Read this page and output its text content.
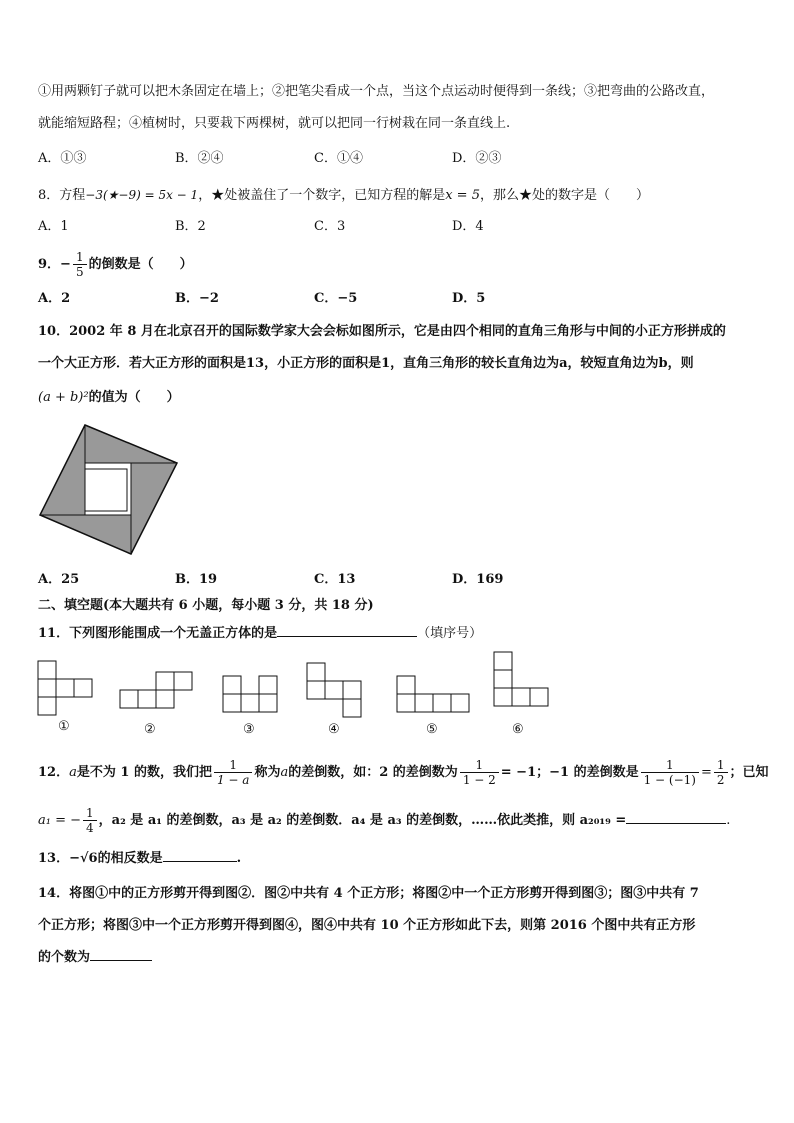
①用两颗钉子就可以把木条固定在墙上；②把笔尖看成一个点，当这个点运动时便得到一条线；③把弯曲的公路改直，
就能缩短路程；④植树时，只要栽下两棵树，就可以把同一行树栽在同一条直线上.
A．①③	B．②④	C．①④	D．②③
8．方程−3(★−9) = 5x − 1，★处被盖住了一个数字，已知方程的解是x = 5，那么★处的数字是（　　）
A．1	B．2	C．3	D．4
9．− $\frac{1}{5}$ 的倒数是（　　）
A．2	B．−2	C．−5	D．5
10．2002 年 8 月在北京召开的国际数学家大会会标如图所示，它是由四个相同的直角三角形与中间的小正方形拼成的
一个大正方形．若大正方形的面积是13，小正方形的面积是1，直角三角形的较长直角边为a，较短直角边为b，则
(a + b)²的值为（　　）
A．25	B．19	C．13	D．169
二、填空题(本大题共有 6 小题，每小题 3 分，共 18 分)
11．下列图形能围成一个无盖正方体的是	（填序号）
①	②	③	④	⑤	⑥
12．a是不为 1 的数，我们把 $\frac{1}{1 - a}$ 称为a的差倒数，如：2 的差倒数为 $\frac{1}{1 - 2} = -1$；−1 的差倒数是 $\frac{1}{1 - (-1)} = \frac{1}{2}$ ；已知
a₁ = − $\frac{1}{4}$ ，a₂ 是 a₁ 的差倒数，a₃ 是 a₂ 的差倒数．a₄ 是 a₃ 的差倒数，……依此类推，则 a₂₀₁₉ =	.
13．−√6的相反数是	.
14．将图①中的正方形剪开得到图②．图②中共有 4 个正方形；将图②中一个正方形剪开得到图③；图③中共有 7
个正方形；将图③中一个正方形剪开得到图④，图④中共有 10 个正方形如此下去，则第 2016 个图中共有正方形
的个数为
